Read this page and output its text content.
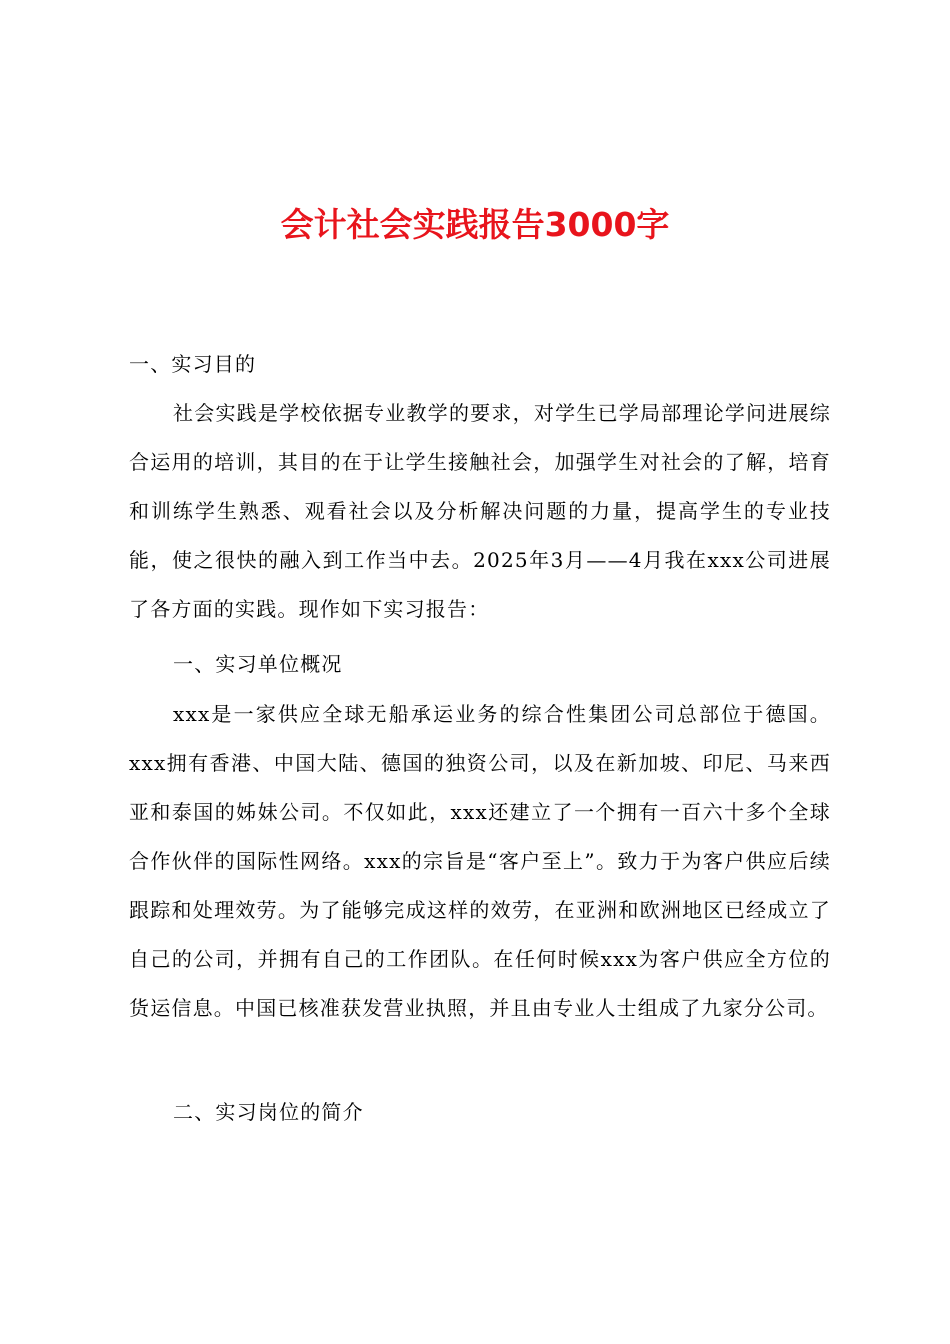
会计社会实践报告3000字

一、实习目的

社会实践是学校依据专业教学的要求，对学生已学局部理论学问进展综合运用的培训，其目的在于让学生接触社会，加强学生对社会的了解，培育和训练学生熟悉、观看社会以及分析解决问题的力量，提高学生的专业技能，使之很快的融入到工作当中去。2025年3月——4月我在xxx公司进展了各方面的实践。现作如下实习报告：

一、实习单位概况

xxx是一家供应全球无船承运业务的综合性集团公司总部位于德国。xxx拥有香港、中国大陆、德国的独资公司，以及在新加坡、印尼、马来西亚和泰国的姊妹公司。不仅如此，xxx还建立了一个拥有一百六十多个全球合作伙伴的国际性网络。xxx的宗旨是“客户至上”。致力于为客户供应后续跟踪和处理效劳。为了能够完成这样的效劳，在亚洲和欧洲地区已经成立了自己的公司，并拥有自己的工作团队。在任何时候xxx为客户供应全方位的货运信息。中国已核准获发营业执照，并且由专业人士组成了九家分公司。

二、实习岗位的简介
